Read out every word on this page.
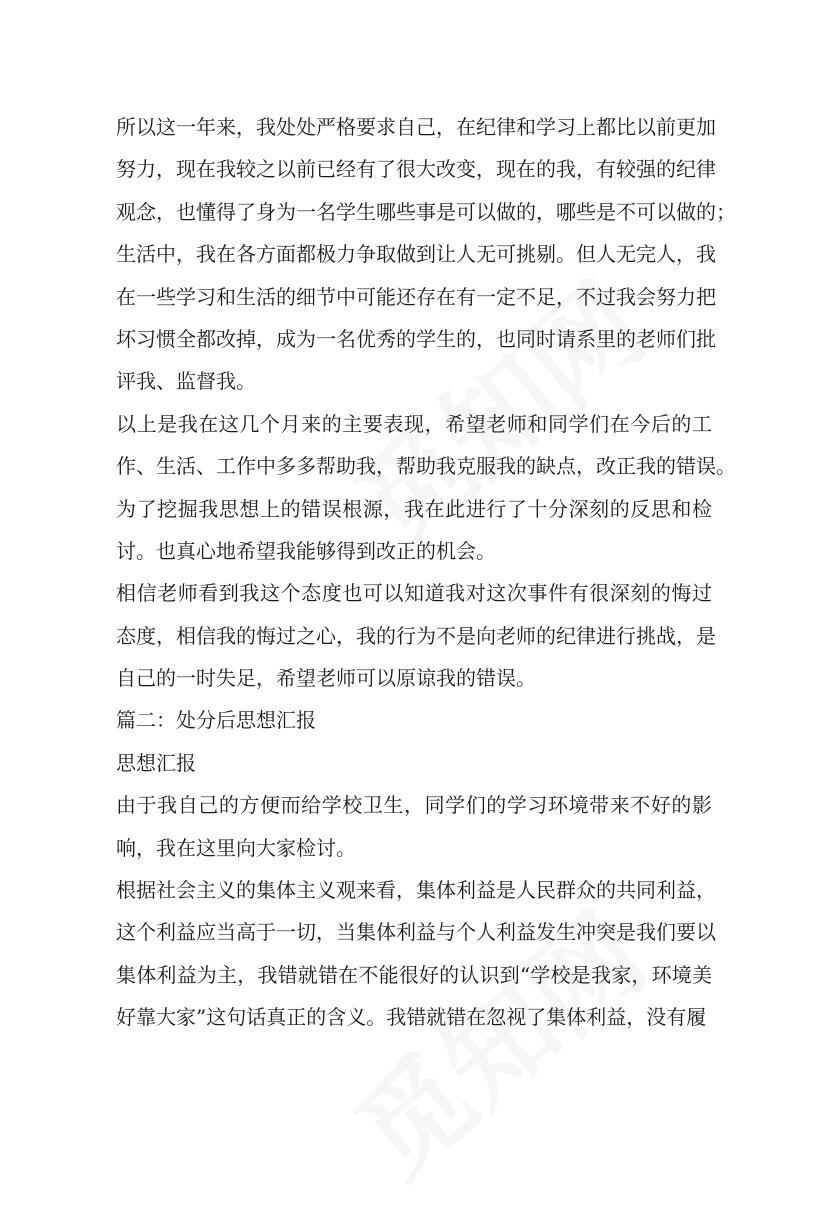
所以这一年来，我处处严格要求自己，在纪律和学习上都比以前更加
努力，现在我较之以前已经有了很大改变，现在的我，有较强的纪律
观念，也懂得了身为一名学生哪些事是可以做的，哪些是不可以做的；
生活中，我在各方面都极力争取做到让人无可挑剔。但人无完人，我
在一些学习和生活的细节中可能还存在有一定不足，不过我会努力把
坏习惯全都改掉，成为一名优秀的学生的，也同时请系里的老师们批
评我、监督我。
以上是我在这几个月来的主要表现，希望老师和同学们在今后的工
作、生活、工作中多多帮助我，帮助我克服我的缺点，改正我的错误。
为了挖掘我思想上的错误根源，我在此进行了十分深刻的反思和检
讨。也真心地希望我能够得到改正的机会。
相信老师看到我这个态度也可以知道我对这次事件有很深刻的悔过
态度，相信我的悔过之心，我的行为不是向老师的纪律进行挑战，是
自己的一时失足，希望老师可以原谅我的错误。
篇二：处分后思想汇报
思想汇报
由于我自己的方便而给学校卫生，同学们的学习环境带来不好的影
响，我在这里向大家检讨。
根据社会主义的集体主义观来看，集体利益是人民群众的共同利益，
这个利益应当高于一切，当集体利益与个人利益发生冲突是我们要以
集体利益为主，我错就错在不能很好的认识到“学校是我家，环境美
好靠大家”这句话真正的含义。我错就错在忽视了集体利益，没有履
